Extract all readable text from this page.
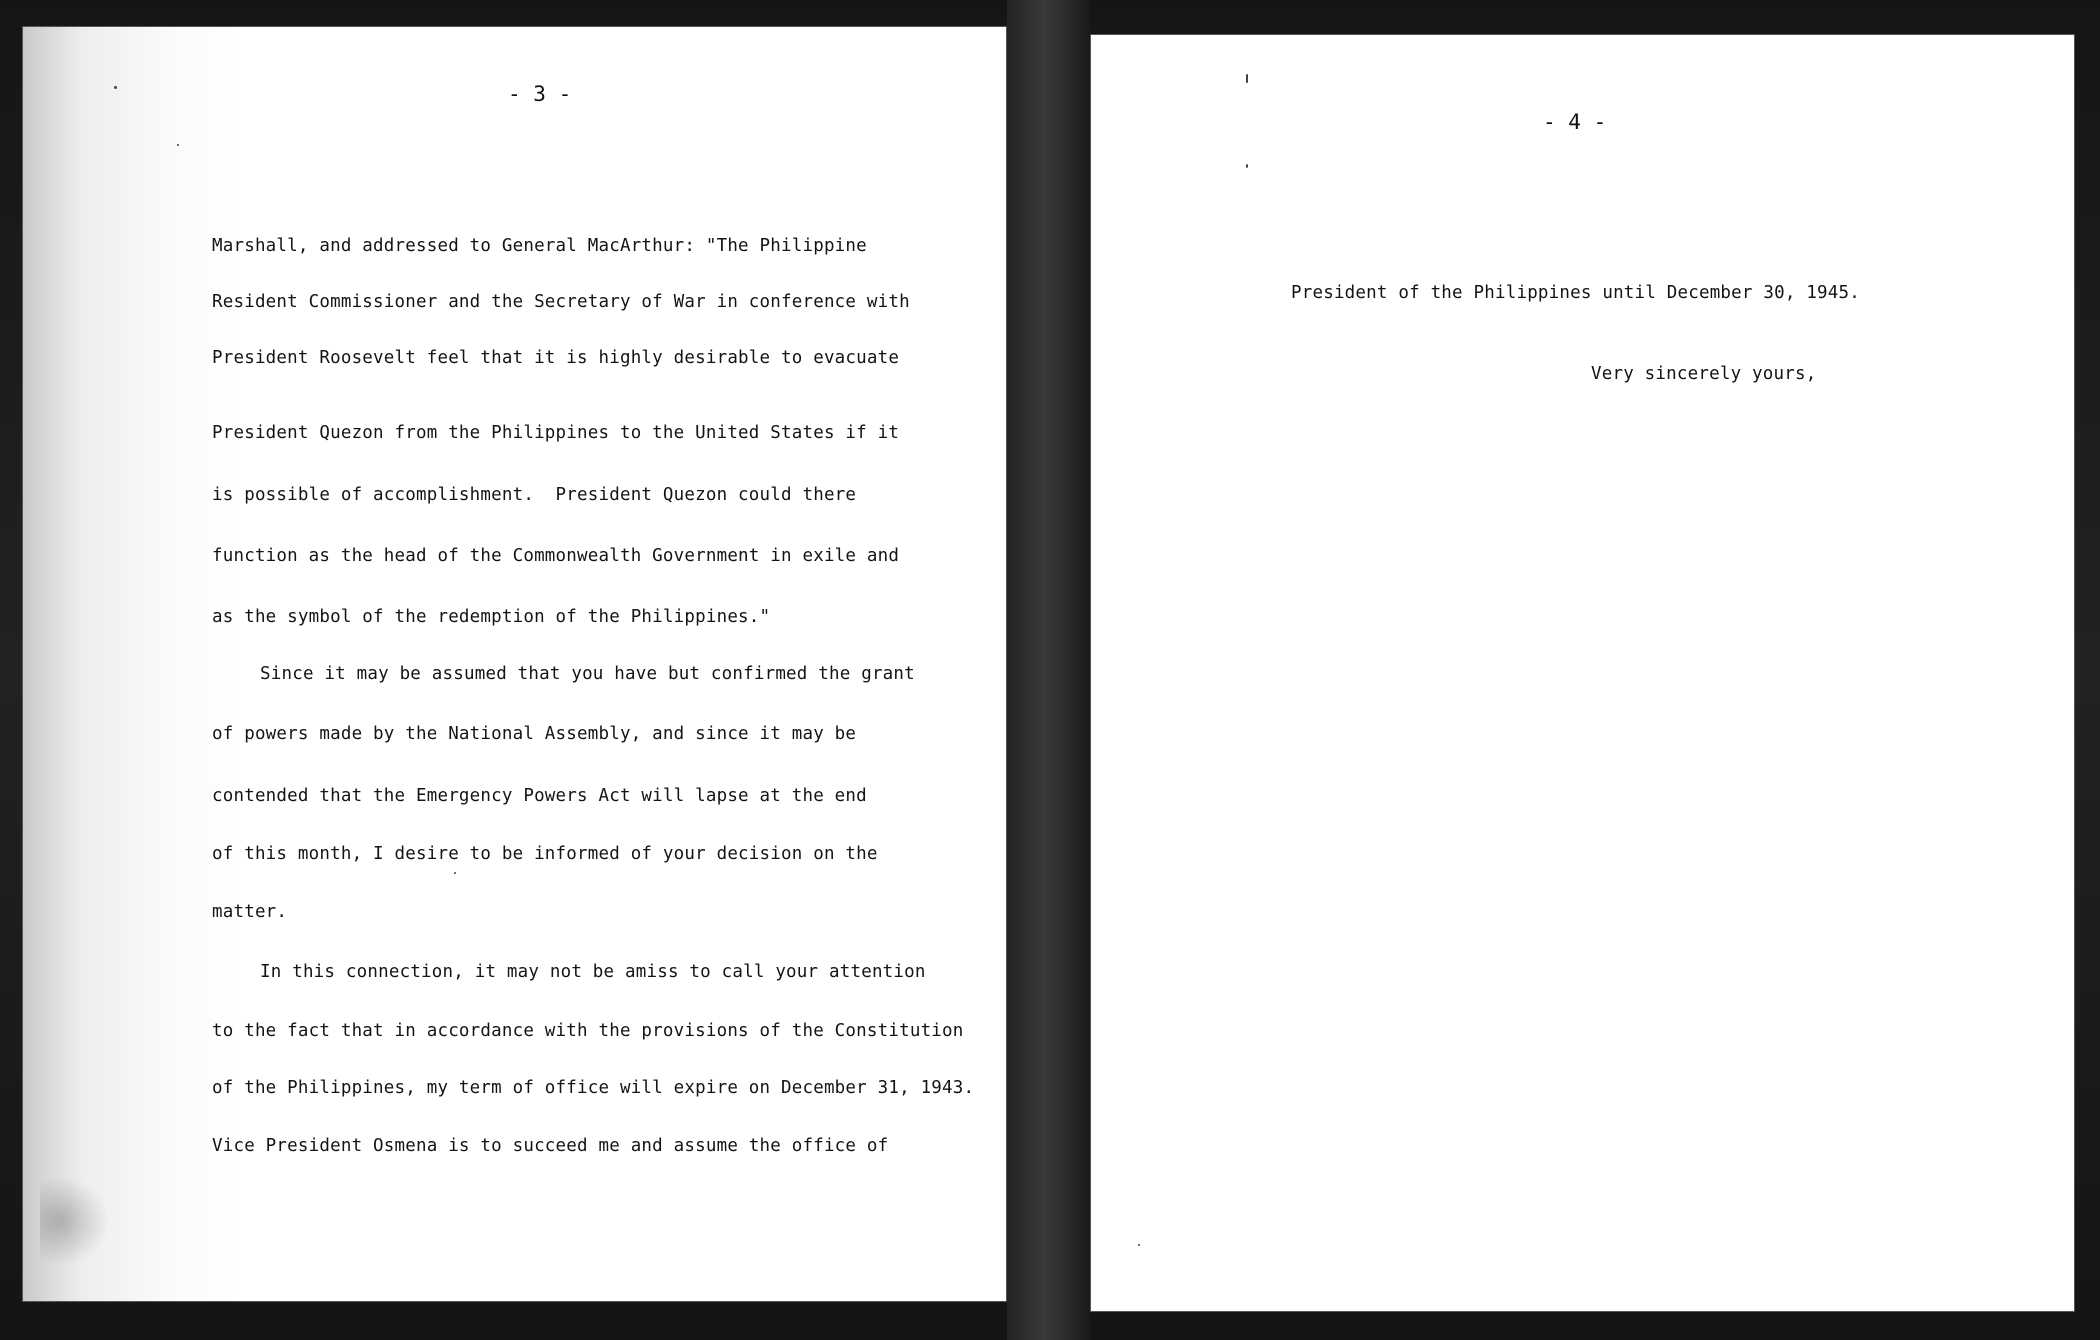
- 3 -
Marshall, and addressed to General MacArthur: "The Philippine
Resident Commissioner and the Secretary of War in conference with
President Roosevelt feel that it is highly desirable to evacuate
President Quezon from the Philippines to the United States if it
is possible of accomplishment.  President Quezon could there
function as the head of the Commonwealth Government in exile and
as the symbol of the redemption of the Philippines."
Since it may be assumed that you have but confirmed the grant
of powers made by the National Assembly, and since it may be
contended that the Emergency Powers Act will lapse at the end
of this month, I desire to be informed of your decision on the
matter.
In this connection, it may not be amiss to call your attention
to the fact that in accordance with the provisions of the Constitution
of the Philippines, my term of office will expire on December 31, 1943.
Vice President Osmena is to succeed me and assume the office of
- 4 -
President of the Philippines until December 30, 1945.
Very sincerely yours,
